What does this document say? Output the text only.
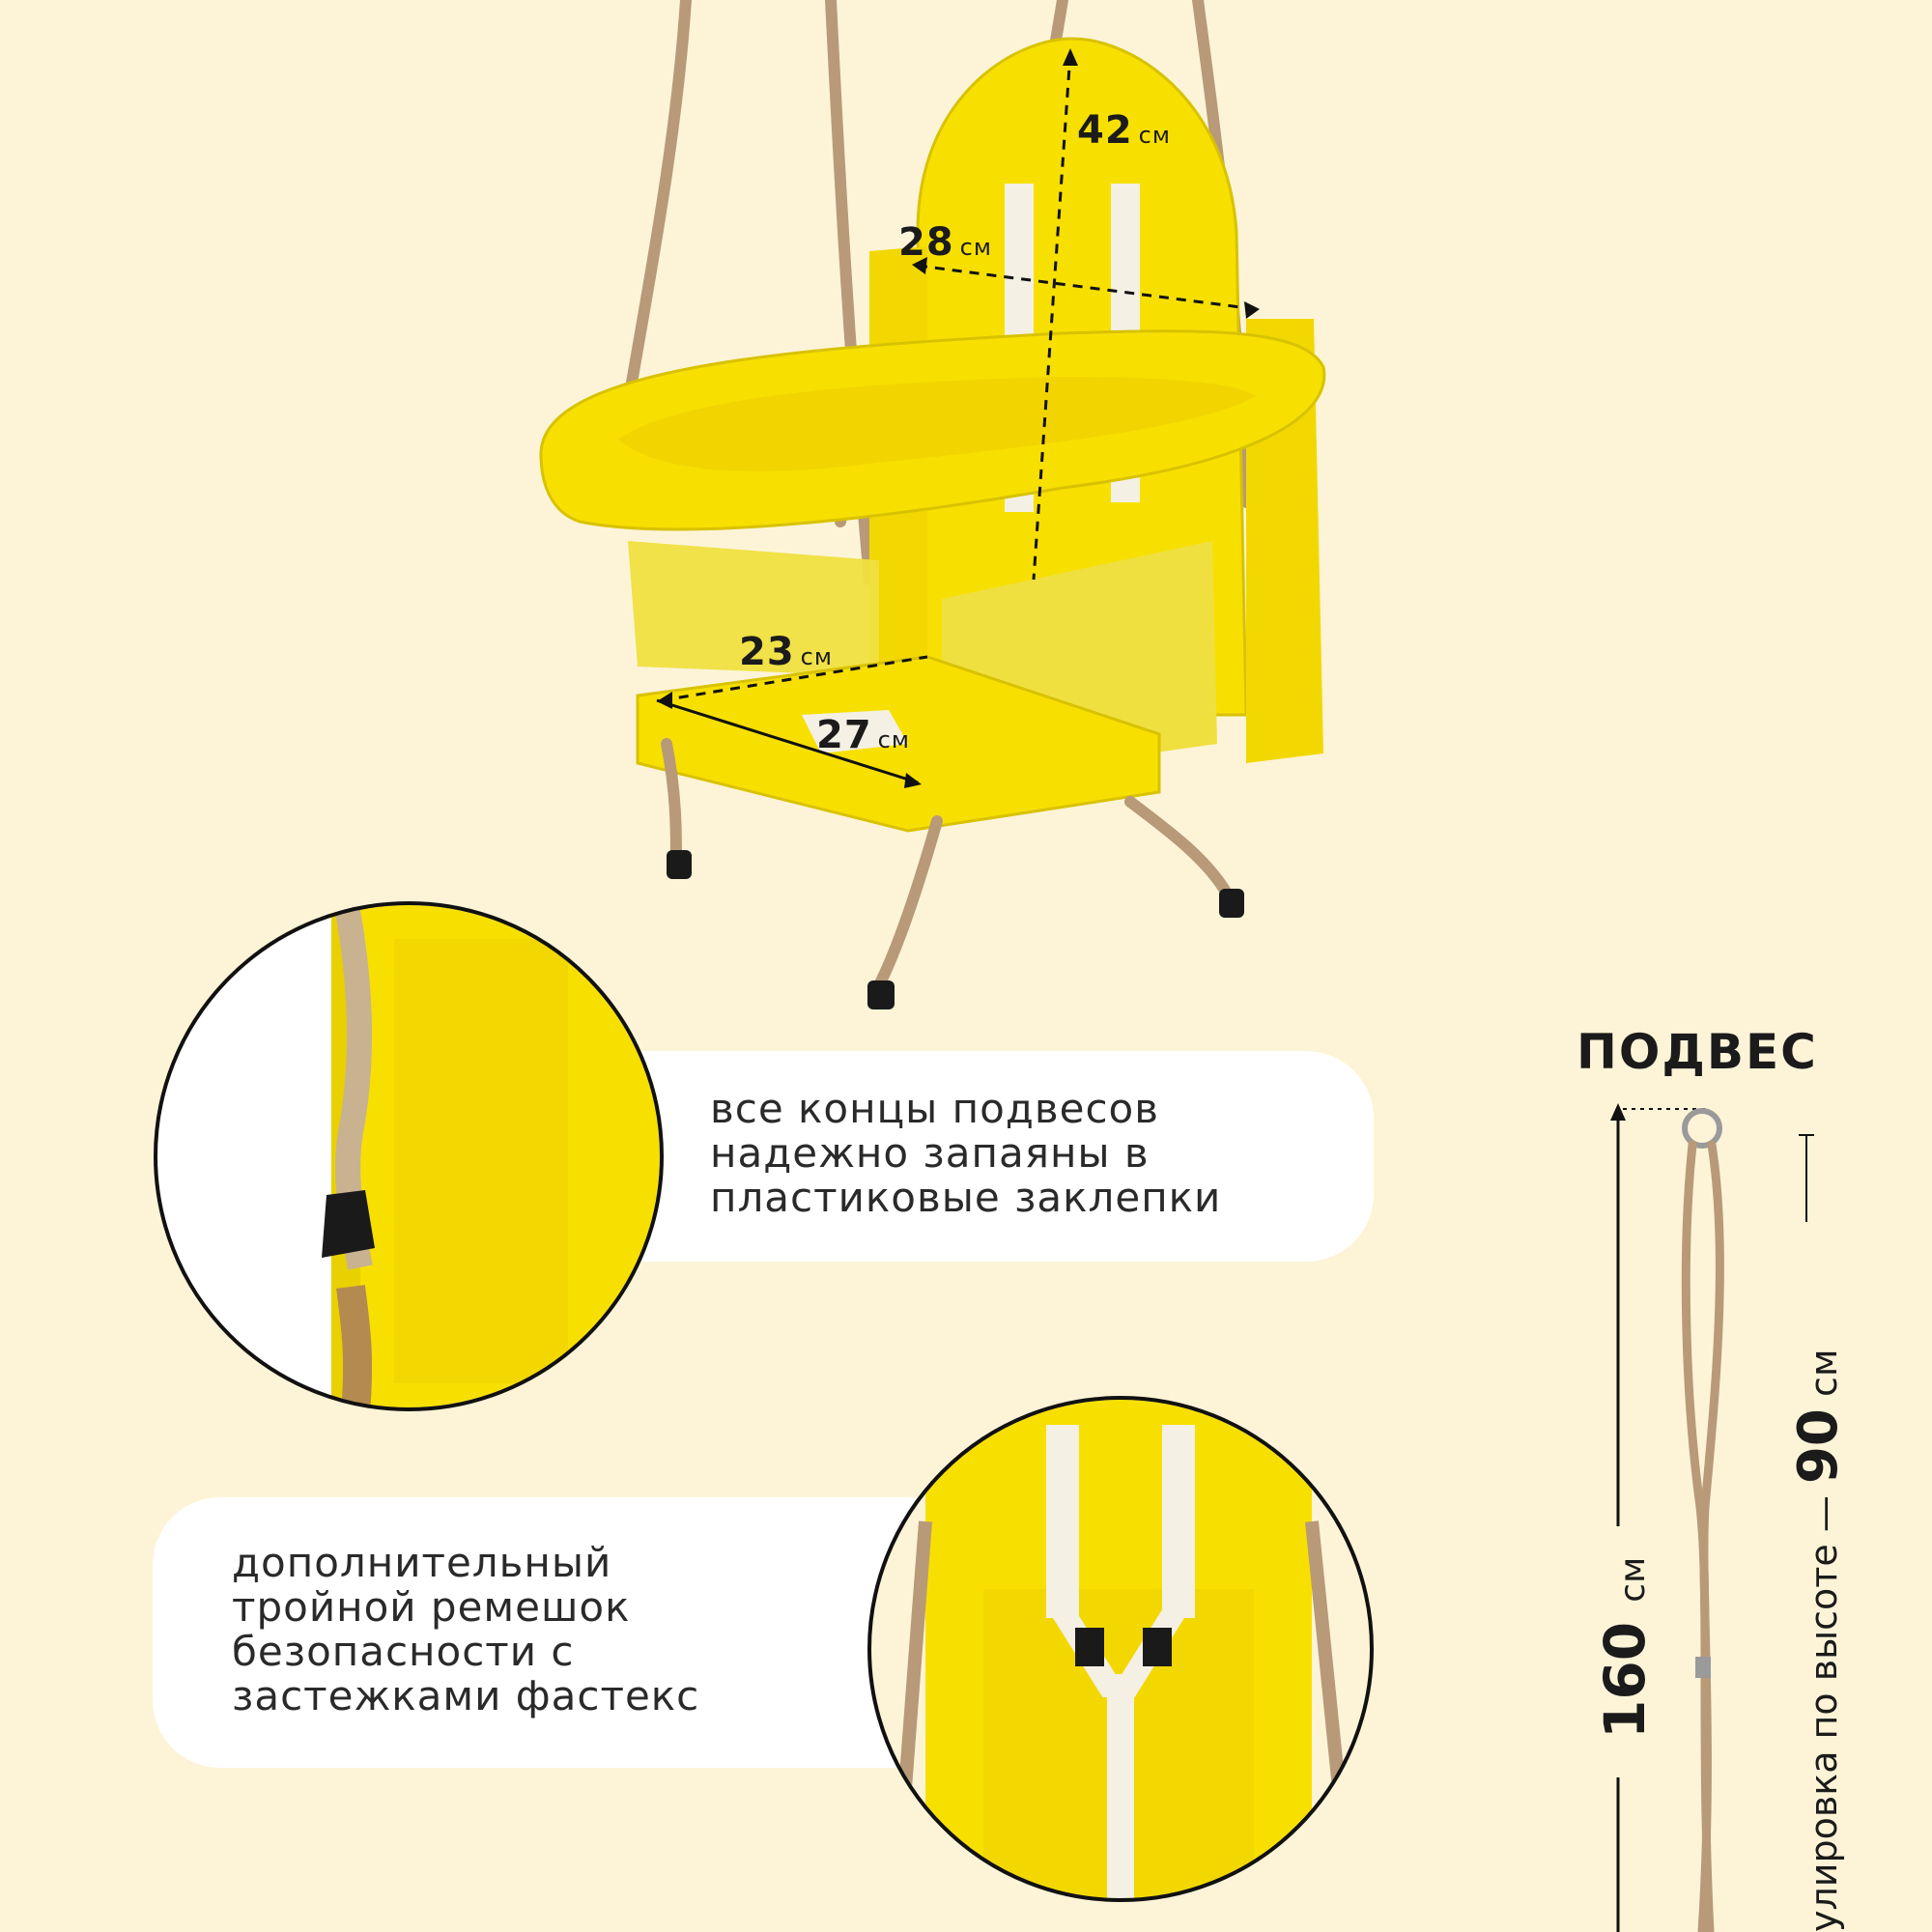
42 см
28 см
23 см
27 см
все концы подвесов
надежно запаяны в
пластиковые заклепки
дополнительный
тройной ремешок
безопасности с
застежками фастекс
ПОДВЕС
160 см	улировка по высоте — 90 см
